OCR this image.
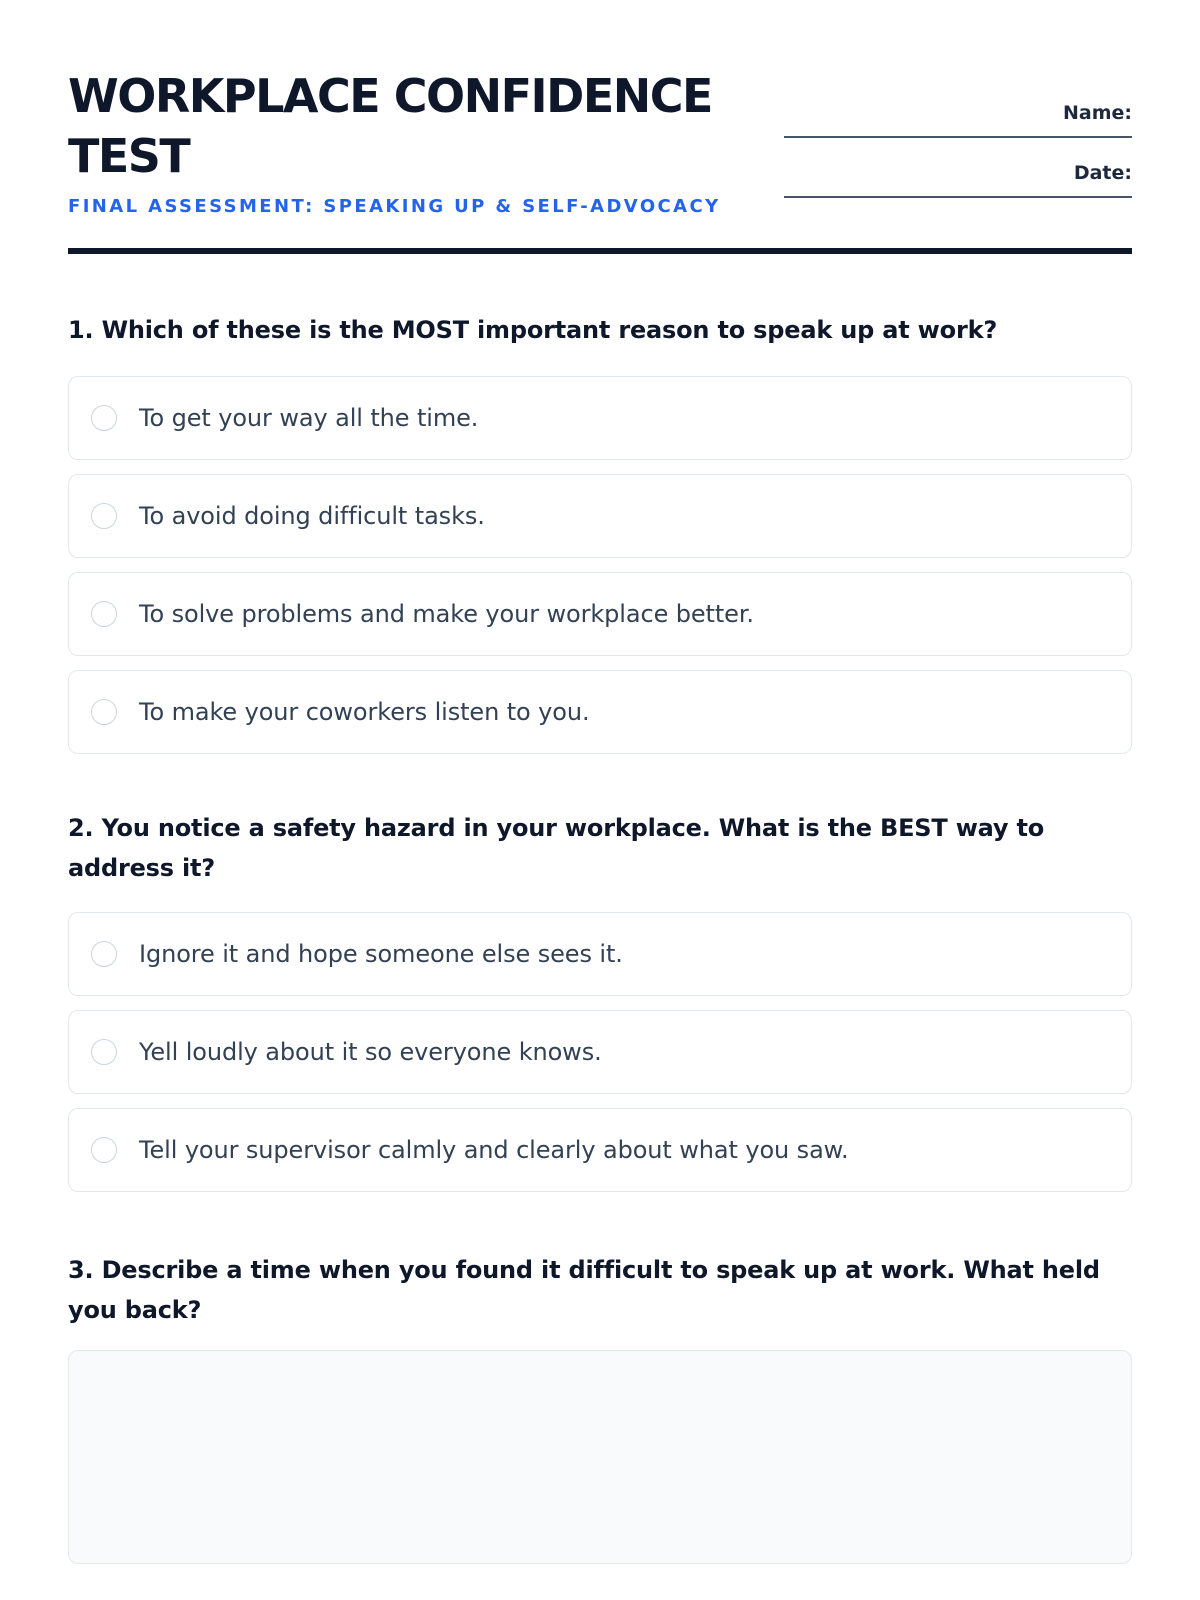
WORKPLACE CONFIDENCE TEST
FINAL ASSESSMENT: SPEAKING UP & SELF-ADVOCACY
Name:
Date:
1. Which of these is the MOST important reason to speak up at work?
To get your way all the time.
To avoid doing difficult tasks.
To solve problems and make your workplace better.
To make your coworkers listen to you.
2. You notice a safety hazard in your workplace. What is the BEST way to address it?
Ignore it and hope someone else sees it.
Yell loudly about it so everyone knows.
Tell your supervisor calmly and clearly about what you saw.
3. Describe a time when you found it difficult to speak up at work. What held you back?
